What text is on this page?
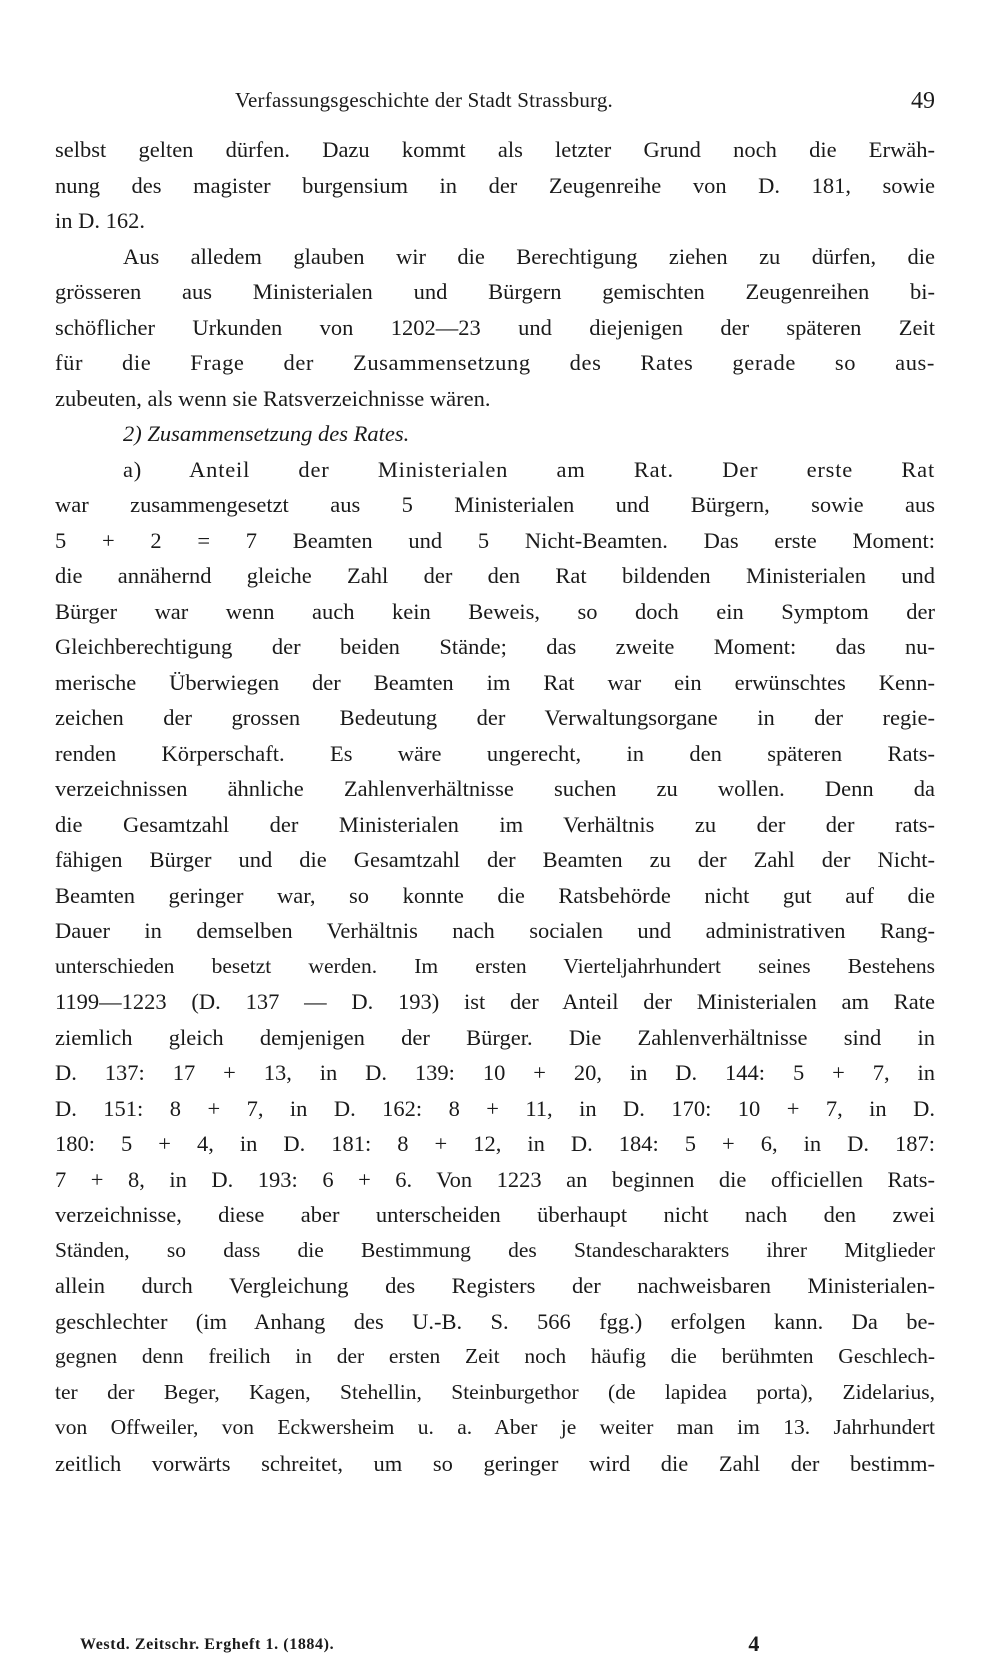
Verfassungsgeschichte der Stadt Strassburg.	49
selbst gelten dürfen. Dazu kommt als letzter Grund noch die Erwäh-
nung des magister burgensium in der Zeugenreihe von D. 181, sowie
in D. 162.
Aus alledem glauben wir die Berechtigung ziehen zu dürfen, die
grösseren aus Ministerialen und Bürgern gemischten Zeugenreihen bi-
schöflicher Urkunden von 1202—23 und diejenigen der späteren Zeit
für die Frage der Zusammensetzung des Rates gerade so aus-
zubeuten, als wenn sie Ratsverzeichnisse wären.
2) Zusammensetzung des Rates.
a) Anteil der Ministerialen am Rat. Der erste Rat
war zusammengesetzt aus 5 Ministerialen und Bürgern, sowie aus
5 + 2 = 7 Beamten und 5 Nicht-Beamten. Das erste Moment:
die annähernd gleiche Zahl der den Rat bildenden Ministerialen und
Bürger war wenn auch kein Beweis, so doch ein Symptom der
Gleichberechtigung der beiden Stände; das zweite Moment: das nu-
merische Überwiegen der Beamten im Rat war ein erwünschtes Kenn-
zeichen der grossen Bedeutung der Verwaltungsorgane in der regie-
renden Körperschaft. Es wäre ungerecht, in den späteren Rats-
verzeichnissen ähnliche Zahlenverhältnisse suchen zu wollen. Denn da
die Gesamtzahl der Ministerialen im Verhältnis zu der der rats-
fähigen Bürger und die Gesamtzahl der Beamten zu der Zahl der Nicht-
Beamten geringer war, so konnte die Ratsbehörde nicht gut auf die
Dauer in demselben Verhältnis nach socialen und administrativen Rang-
unterschieden besetzt werden. Im ersten Vierteljahrhundert seines Bestehens
1199—1223 (D. 137 — D. 193) ist der Anteil der Ministerialen am Rate
ziemlich gleich demjenigen der Bürger. Die Zahlenverhältnisse sind in
D. 137: 17 + 13, in D. 139: 10 + 20, in D. 144: 5 + 7, in
D. 151: 8 + 7, in D. 162: 8 + 11, in D. 170: 10 + 7, in D.
180: 5 + 4, in D. 181: 8 + 12, in D. 184: 5 + 6, in D. 187:
7 + 8, in D. 193: 6 + 6. Von 1223 an beginnen die officiellen Rats-
verzeichnisse, diese aber unterscheiden überhaupt nicht nach den zwei
Ständen, so dass die Bestimmung des Standescharakters ihrer Mitglieder
allein durch Vergleichung des Registers der nachweisbaren Ministerialen-
geschlechter (im Anhang des U.-B. S. 566 fgg.) erfolgen kann. Da be-
gegnen denn freilich in der ersten Zeit noch häufig die berühmten Geschlech-
ter der Beger, Kagen, Stehellin, Steinburgethor (de lapidea porta), Zidelarius,
von Offweiler, von Eckwersheim u. a. Aber je weiter man im 13. Jahrhundert
zeitlich vorwärts schreitet, um so geringer wird die Zahl der bestimm-
Westd. Zeitschr. Ergheft 1. (1884).	4
